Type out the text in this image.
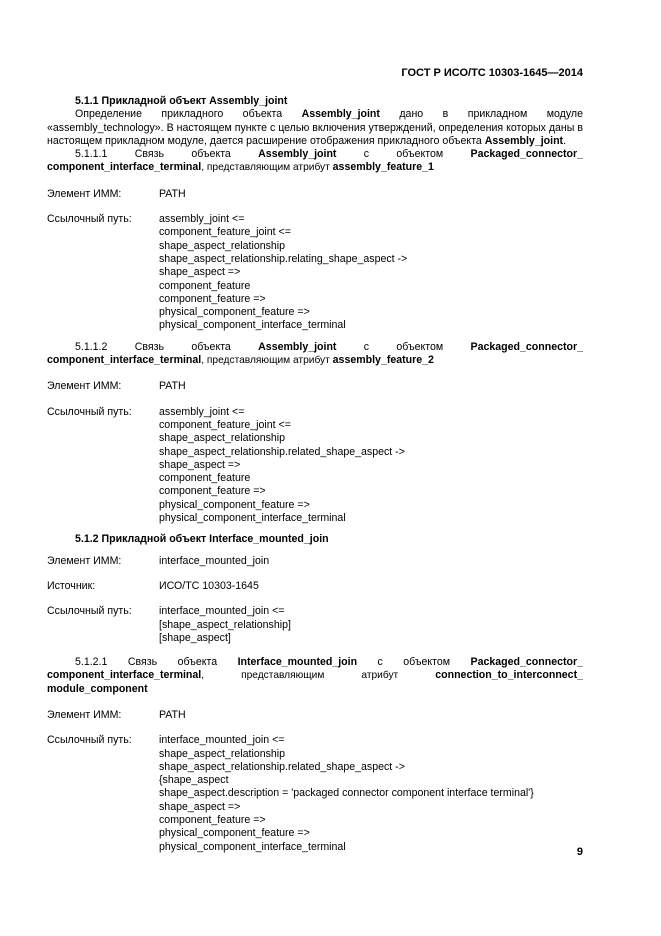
ГОСТ Р ИСО/ТС 10303-1645—2014
5.1.1 Прикладной объект Assembly_joint
Определение прикладного объекта Assembly_joint дано в прикладном модуле «assembly_technology». В настоящем пункте с целью включения утверждений, определения которых даны в настоящем прикладном модуле, дается расширение отображения прикладного объекта Assembly_joint.
5.1.1.1 Связь объекта Assembly_joint с объектом Packaged_connector_ component_interface_terminal, представляющим атрибут assembly_feature_1
Элемент ИММ:	PATH
Ссылочный путь:	assembly_joint <=
component_feature_joint <=
shape_aspect_relationship
shape_aspect_relationship.relating_shape_aspect ->
shape_aspect =>
component_feature
component_feature =>
physical_component_feature =>
physical_component_interface_terminal
5.1.1.2 Связь объекта Assembly_joint с объектом Packaged_connector_ component_interface_terminal, представляющим атрибут assembly_feature_2
Элемент ИММ:	PATH
Ссылочный путь:	assembly_joint <=
component_feature_joint <=
shape_aspect_relationship
shape_aspect_relationship.related_shape_aspect ->
shape_aspect =>
component_feature
component_feature =>
physical_component_feature =>
physical_component_interface_terminal
5.1.2 Прикладной объект Interface_mounted_join
Элемент ИММ:	interface_mounted_join
Источник:	ИСО/ТС 10303-1645
Ссылочный путь:	interface_mounted_join <=
[shape_aspect_relationship]
[shape_aspect]
5.1.2.1 Связь объекта Interface_mounted_join с объектом Packaged_connector_ component_interface_terminal, представляющим атрибут connection_to_interconnect_ module_component
Элемент ИММ:	PATH
Ссылочный путь:	interface_mounted_join <=
shape_aspect_relationship
shape_aspect_relationship.related_shape_aspect ->
{shape_aspect
shape_aspect.description = 'packaged connector component interface terminal'}
shape_aspect =>
component_feature =>
physical_component_feature =>
physical_component_interface_terminal	9
